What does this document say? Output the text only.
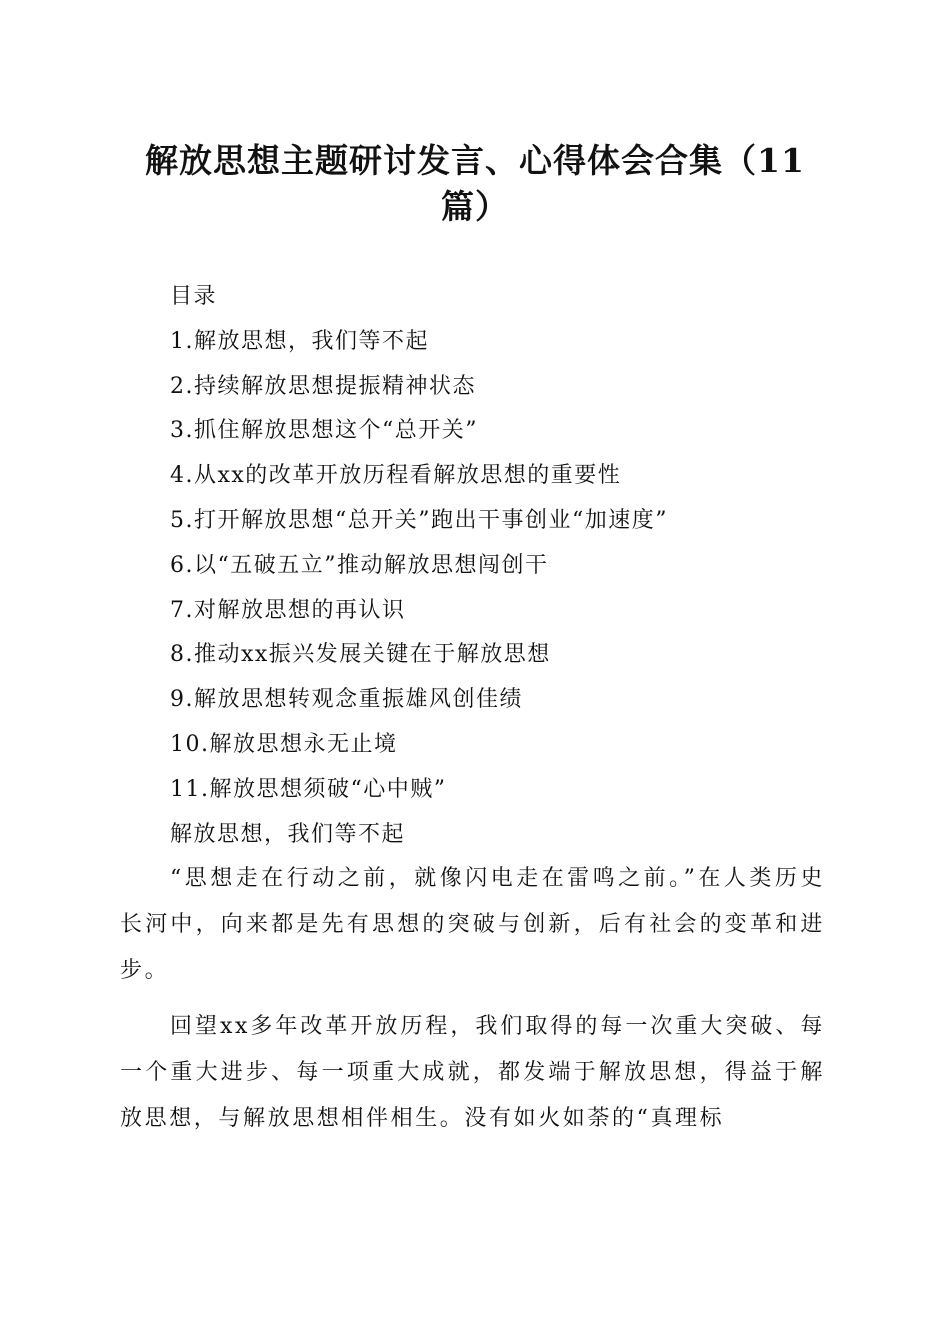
解放思想主题研讨发言、心得体会合集（11篇）
目录
1.解放思想，我们等不起
2.持续解放思想提振精神状态
3.抓住解放思想这个“总开关”
4.从xx的改革开放历程看解放思想的重要性
5.打开解放思想“总开关”跑出干事创业“加速度”
6.以“五破五立”推动解放思想闯创干
7.对解放思想的再认识
8.推动xx振兴发展关键在于解放思想
9.解放思想转观念重振雄风创佳绩
10.解放思想永无止境
11.解放思想须破“心中贼”
解放思想，我们等不起

“思想走在行动之前，就像闪电走在雷鸣之前。”在人类历史长河中，向来都是先有思想的突破与创新，后有社会的变革和进步。

回望xx多年改革开放历程，我们取得的每一次重大突破、每一个重大进步、每一项重大成就，都发端于解放思想，得益于解放思想，与解放思想相伴相生。没有如火如荼的“真理标
